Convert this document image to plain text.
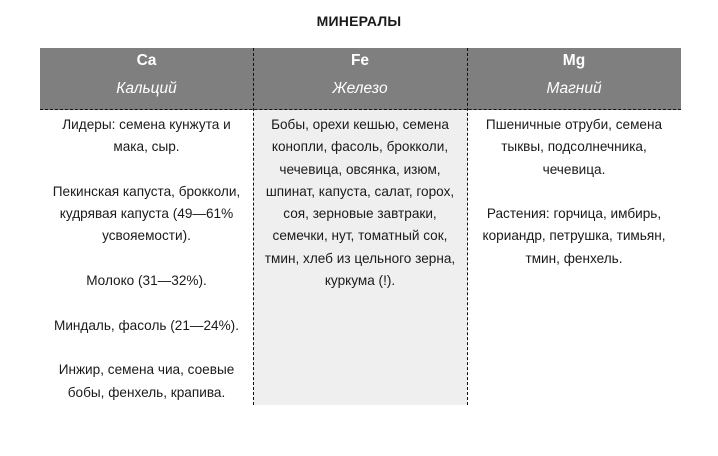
МИНЕРАЛЫ
Ca
Кальций

Лидеры: семена кунжута и мака, сыр.

Пекинская капуста, брокколи, кудрявая капуста (49—61% усвояемости).

Молоко (31—32%).

Миндаль, фасоль (21—24%).

Инжир, семена чиа, соевые бобы, фенхель, крапива.

Fe
Железо

Бобы, орехи кешью, семена конопли, фасоль, брокколи, чечевица, овсянка, изюм, шпинат, капуста, салат, горох, соя, зерновые завтраки, семечки, нут, томатный сок, тмин, хлеб из цельного зерна, куркума (!).

Mg
Магний

Пшеничные отруби, семена тыквы, подсолнечника, чечевица.

Растения: горчица, имбирь, кориандр, петрушка, тимьян, тмин, фенхель.
